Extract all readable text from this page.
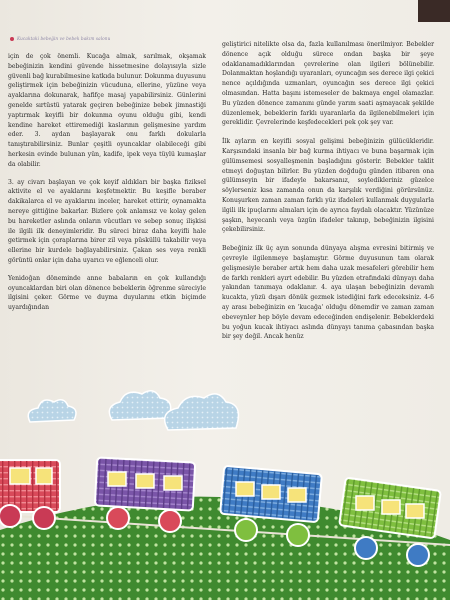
Kucaktaki bebeğin ve bebek bakım salonu

için de çok önemli. Kucağa almak, sarılmak, okşamak bebeğinizin kendini güvende hissetmesine dolayısıyla sizle güvenli bağ kurabilmesine katkıda bulunur. Dokunma duyusunu geliştirmek için bebeğinizin vücuduna, ellerine, yüzüne veya ayaklarına dokunarak, hafifçe masaj yapabilirsiniz. Günlerini genelde sırtüstü yatarak geçiren bebeğinize bebek jimnastiği yaptırmak keyifli bir dokunma oyunu olduğu gibi, kendi kendine hareket ettiremediği kaslarının gelişmesine yardım eder. 3. aydan başlayarak onu farklı dokularla tanıştırabilirsiniz. Bunlar çeşitli oyuncaklar olabileceği gibi herkesin evinde bulunan yün, kadife, ipek veya tüylü kumaşlar da olabilir.

3. ay civarı başlayan ve çok keyif aldıkları bir başka fiziksel aktivite el ve ayaklarını keşfetmektir. Bu keşifle beraber dakikalarca el ve ayaklarını inceler, hareket ettirir, oynamakta nereye gittiğine bakarlar. Bizlere çok anlamsız ve kolay gelen bu hareketler aslında onların vücutları ve sebep sonuç ilişkisi ile ilgili ilk deneyimleridir. Bu süreci biraz daha keyifli hale getirmek için çoraplarına birer zil veya püsküllü takabilir veya ellerine bir kurdele bağlayabilirsiniz. Çakan ses veya renkli görüntü onlar için daha uyarıcı ve eğlenceli olur.

Yenidoğan döneminde anne babaların en çok kullandığı oyuncaklardan biri olan dönence bebeklerin öğrenme süreciyle ilgisini çeker. Görme ve duyma duyularını etkin biçimde uyardığından

geliştirici nitelikte olsa da, fazla kullanılması önerilmiyor. Bebekler dönence açık olduğu sürece ondan başka bir şeye odaklanamadıklarından çevrelerine olan ilgileri bölünebilir. Dolanmaktan hoşlandığı uyaranları, oyuncağın ses derece ilgi çekici nence açıldığında uzmanları, oyuncağın ses derece ilgi çekici olmasından. Hatta başını istemeseler de bakmaya engel olamazlar. Bu yüzden dönence zamanını günde yarım saati aşmayacak şekilde düzenlemek, bebeklerin farklı uyaranlarla da ilgilenebilmeleri için gereklidir. Çevrelerinde keşfedecekleri pek çok şey var.

İlk ayların en keyifli sosyal gelişimi bebeğinizin gülücükleridir. Karşısındaki insanla bir bağ kurma ihtiyacı ve buna başarmak için gülümsemesi sosyalleşmenin başladığını gösterir. Bebekler taklit etmeyi doğuştan bilirler. Bu yüzden doğduğu günden itibaren ona gülümseyin bir ifadeyle bakarsanız, soyledikleriniz güzelce söylerseniz kısa zamanda onun da karşılık verdiğini görürsünüz. Konuşurken zaman zaman farklı yüz ifadeleri kullanmak duygularla ilgili ilk ipuçlarını almaları için de ayrıca faydalı olacaktır. Yüzünüze şaşkın, heyecanlı veya üzgün ifadeler takınıp, bebeğinizin ilgisini çekebilirsiniz.

Bebeğiniz ilk üç ayın sonunda dünyaya alışma evresini bitirmiş ve çevreyle ilgilenmeye başlamıştır. Görme duyusunun tam olarak gelişmesiyle beraber artık hem daha uzak mesafeleri görebilir hem de farklı renkleri ayırt edebilir. Bu yüzden etrafındaki dünyayı daha yakından tanımaya odaklanır. 4. aya ulaşan bebeğinizin devamlı kucakta, yüzü dışarı dönük gezmek istediğini fark edeceksiniz. 4-6 ay arası bebeğinizin en 'kucağa' olduğu dönemdir ve zaman zaman ebeveynler hep böyle devam edeceğinden endişelenir. Bebeklerdeki bu yoğun kucak ihtiyacı aslında dünyayı tanıma çabasından başka bir şey değil. Ancak henüz
